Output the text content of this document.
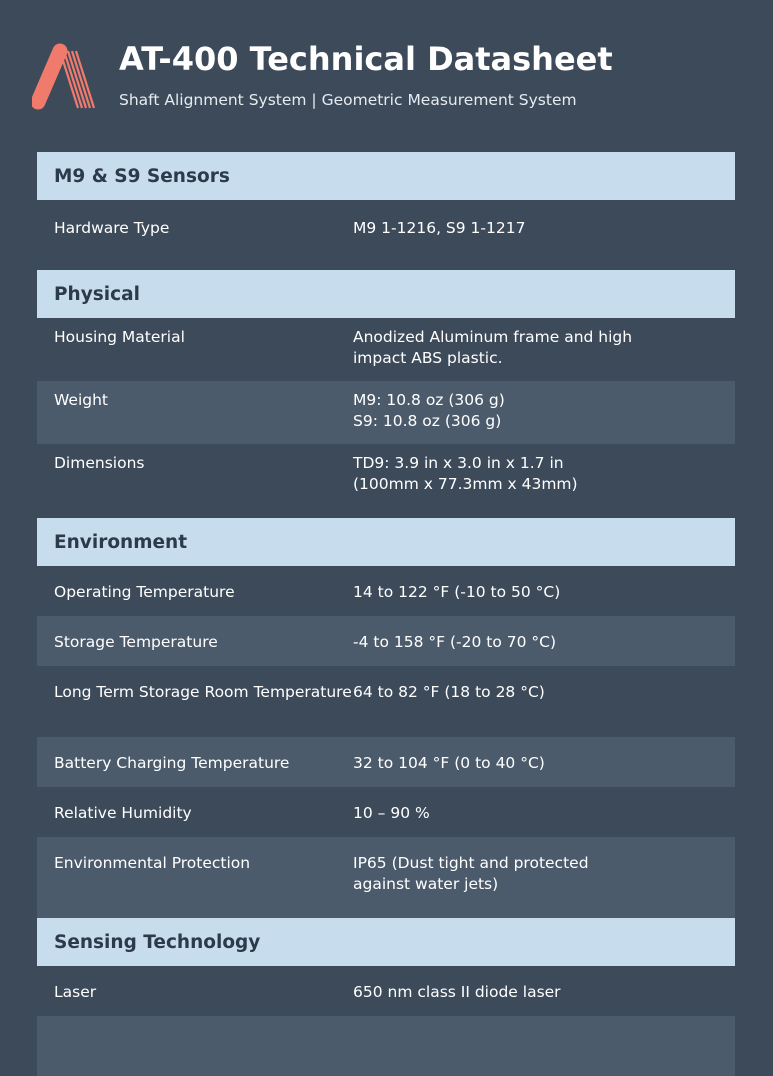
AT-400 Technical Datasheet
Shaft Alignment System | Geometric Measurement System
M9 & S9 Sensors
Hardware Type	M9 1-1216, S9 1-1217
Physical
Housing Material	Anodized Aluminum frame and high
impact ABS plastic.
Weight	M9: 10.8 oz (306 g)
S9: 10.8 oz (306 g)
Dimensions	TD9: 3.9 in x 3.0 in x 1.7 in
(100mm x 77.3mm x 43mm)
Environment
Operating Temperature	14 to 122 °F (-10 to 50 °C)
Storage Temperature	-4 to 158 °F (-20 to 70 °C)
Long Term Storage Room Temperature 64 to 82 °F (18 to 28 °C)
Battery Charging Temperature	32 to 104 °F (0 to 40 °C)
Relative Humidity	10 – 90 %
Environmental Protection	IP65 (Dust tight and protected
against water jets)
Sensing Technology
Laser	650 nm class II diode laser
